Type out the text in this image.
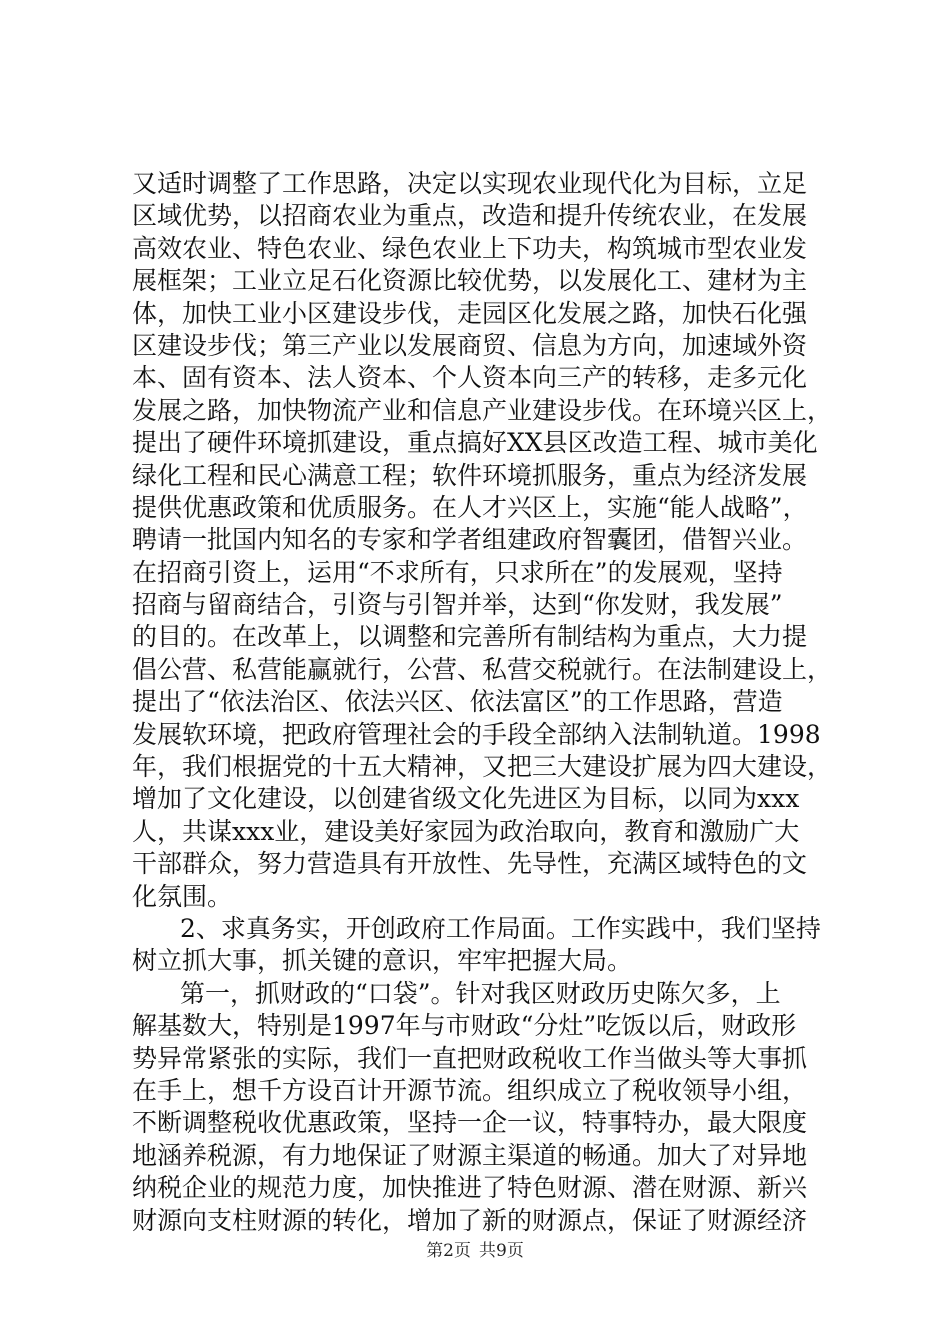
又适时调整了工作思路，决定以实现农业现代化为目标，立足
区域优势，以招商农业为重点，改造和提升传统农业，在发展
高效农业、特色农业、绿色农业上下功夫，构筑城市型农业发
展框架；工业立足石化资源比较优势，以发展化工、建材为主
体，加快工业小区建设步伐，走园区化发展之路，加快石化强
区建设步伐；第三产业以发展商贸、信息为方向，加速域外资
本、固有资本、法人资本、个人资本向三产的转移，走多元化
发展之路，加快物流产业和信息产业建设步伐。在环境兴区上，
提出了硬件环境抓建设，重点搞好XX县区改造工程、城市美化
绿化工程和民心满意工程；软件环境抓服务，重点为经济发展
提供优惠政策和优质服务。在人才兴区上，实施“能人战略”，
聘请一批国内知名的专家和学者组建政府智囊团，借智兴业。
在招商引资上，运用“不求所有，只求所在”的发展观，坚持
招商与留商结合，引资与引智并举，达到“你发财，我发展”
的目的。在改革上，以调整和完善所有制结构为重点，大力提
倡公营、私营能赢就行，公营、私营交税就行。在法制建设上，
提出了“依法治区、依法兴区、依法富区”的工作思路，营造
发展软环境，把政府管理社会的手段全部纳入法制轨道。1998
年，我们根据党的十五大精神，又把三大建设扩展为四大建设，
增加了文化建设，以创建省级文化先进区为目标，以同为xxx
人，共谋xxx业，建设美好家园为政治取向，教育和激励广大
干部群众，努力营造具有开放性、先导性，充满区域特色的文
化氛围。
2、求真务实，开创政府工作局面。工作实践中，我们坚持
树立抓大事，抓关键的意识，牢牢把握大局。
第一，抓财政的“口袋”。针对我区财政历史陈欠多，上
解基数大，特别是1997年与市财政“分灶”吃饭以后，财政形
势异常紧张的实际，我们一直把财政税收工作当做头等大事抓
在手上，想千方设百计开源节流。组织成立了税收领导小组，
不断调整税收优惠政策，坚持一企一议，特事特办，最大限度
地涵养税源，有力地保证了财源主渠道的畅通。加大了对异地
纳税企业的规范力度，加快推进了特色财源、潜在财源、新兴
财源向支柱财源的转化，增加了新的财源点，保证了财源经济
第2页 共9页
